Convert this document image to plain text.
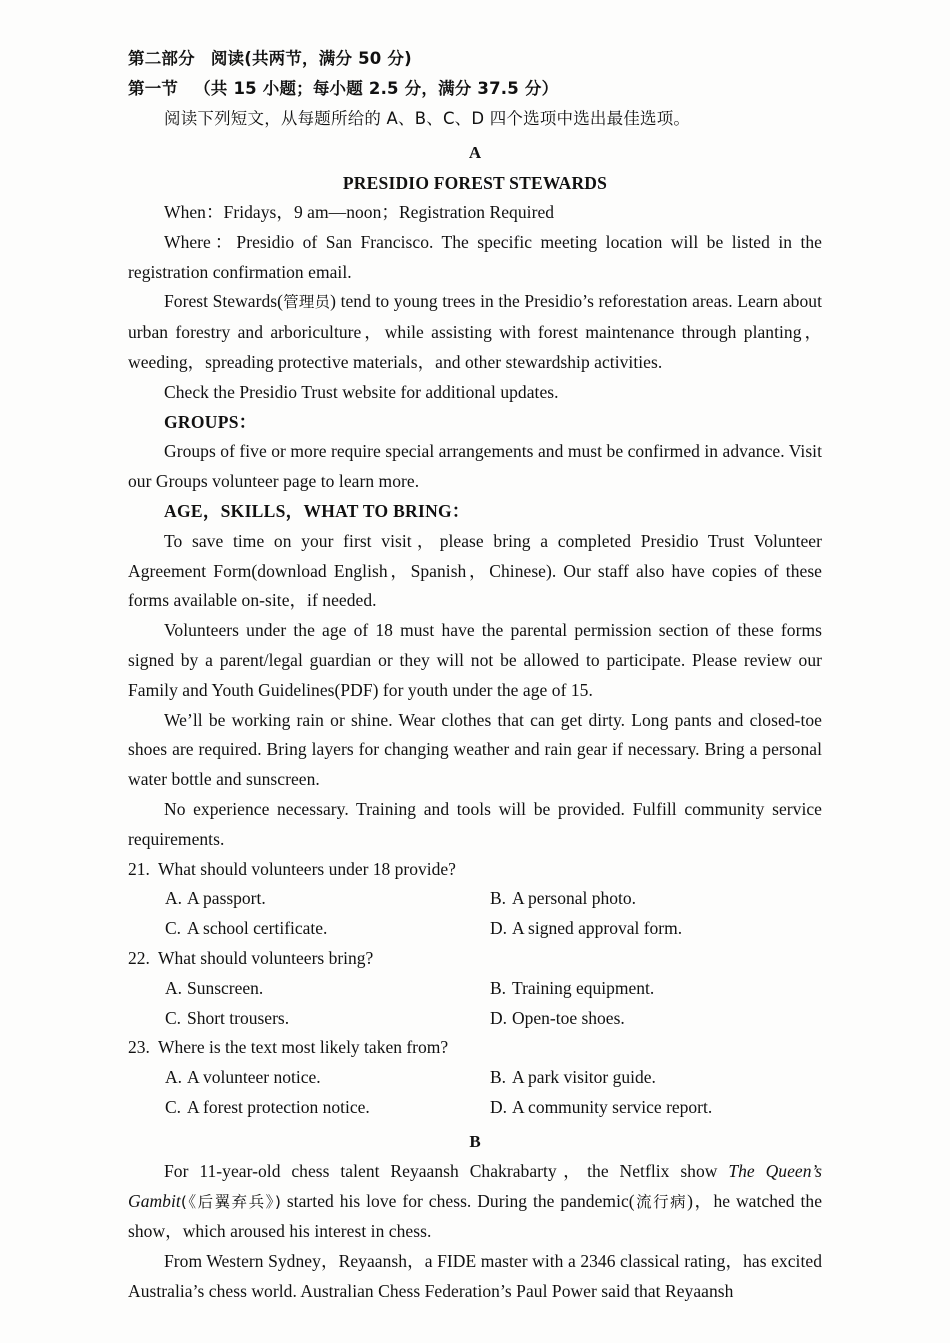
第二部分 阅读(共两节，满分 50 分)
第一节 （共 15 小题；每小题 2.5 分，满分 37.5 分）
阅读下列短文，从每题所给的 A、B、C、D 四个选项中选出最佳选项。
A
PRESIDIO FOREST STEWARDS

When：Fridays，9 am—noon；Registration Required

Where：Presidio of San Francisco. The specific meeting location will be listed in the registration confirmation email.

Forest Stewards(管理员) tend to young trees in the Presidio’s reforestation areas. Learn about urban forestry and arboriculture，while assisting with forest maintenance through planting，weeding，spreading protective materials，and other stewardship activities.

Check the Presidio Trust website for additional updates.

GROUPS：

Groups of five or more require special arrangements and must be confirmed in advance. Visit our Groups volunteer page to learn more.

AGE，SKILLS，WHAT TO BRING：

To save time on your first visit，please bring a completed Presidio Trust Volunteer Agreement Form(download English，Spanish，Chinese). Our staff also have copies of these forms available on-site，if needed.

Volunteers under the age of 18 must have the parental permission section of these forms signed by a parent/legal guardian or they will not be allowed to participate. Please review our Family and Youth Guidelines(PDF) for youth under the age of 15.

We’ll be working rain or shine. Wear clothes that can get dirty. Long pants and closed-toe shoes are required. Bring layers for changing weather and rain gear if necessary. Bring a personal water bottle and sunscreen.

No experience necessary. Training and tools will be provided. Fulfill community service requirements.

21. What should volunteers under 18 provide?
A. A passport.	B. A personal photo.
C. A school certificate.	D. A signed approval form.
22. What should volunteers bring?
A. Sunscreen.	B. Training equipment.
C. Short trousers.	D. Open-toe shoes.
23. Where is the text most likely taken from?
A. A volunteer notice.	B. A park visitor guide.
C. A forest protection notice.	D. A community service report.
B

For 11-year-old chess talent Reyaansh Chakrabarty，the Netflix show The Queen’s Gambit(《后翼弃兵》) started his love for chess. During the pandemic(流行病)，he watched the show，which aroused his interest in chess.

From Western Sydney，Reyaansh，a FIDE master with a 2346 classical rating，has excited Australia’s chess world. Australian Chess Federation’s Paul Power said that Reyaansh
